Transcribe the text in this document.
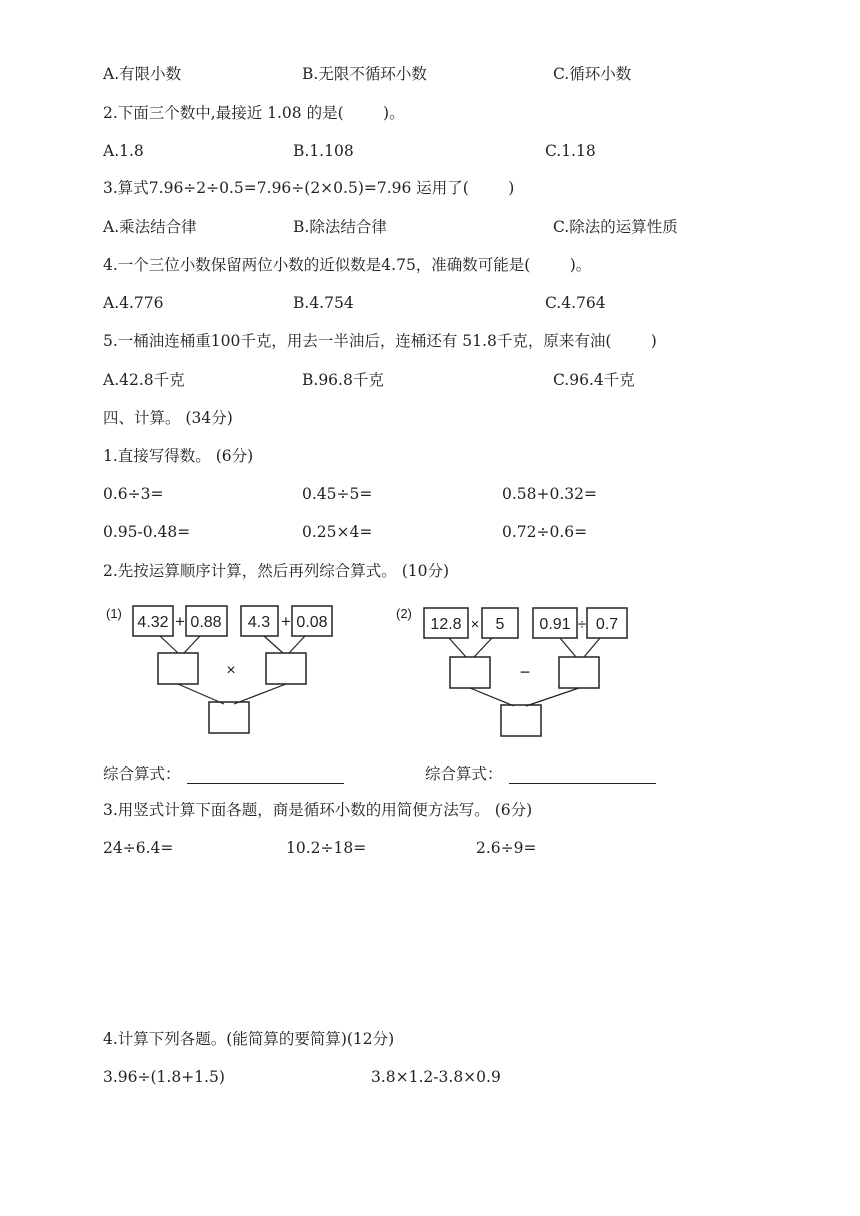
A.有限小数	B.无限不循环小数	C.循环小数
2.下面三个数中,最接近 1.08 的是(        )。
A.1.8	B.1.108	C.1.18
3.算式7.96÷2÷0.5=7.96÷(2×0.5)=7.96 运用了(        )
A.乘法结合律	B.除法结合律	C.除法的运算性质
4.一个三位小数保留两位小数的近似数是4.75，准确数可能是(        )。
A.4.776	B.4.754	C.4.764
5.一桶油连桶重100千克，用去一半油后，连桶还有 51.8千克，原来有油(        )
A.42.8千克	B.96.8千克	C.96.4千克
四、计算。 (34分)
1.直接写得数。 (6分)
0.6÷3=	0.45÷5=	0.58+0.32=
0.95-0.48=	0.25×4=	0.72÷0.6=
2.先按运算顺序计算，然后再列综合算式。 (10分)
(1)
4.32 + 0.88 4.3 + 0.08
×
(2)
12.8 × 5 0.91 ÷ 0.7
−
综合算式：	综合算式：
3.用竖式计算下面各题，商是循环小数的用简便方法写。 (6分)
24÷6.4=	10.2÷18=	2.6÷9=
4.计算下列各题。(能简算的要简算)(12分)
3.96÷(1.8+1.5)	3.8×1.2-3.8×0.9
